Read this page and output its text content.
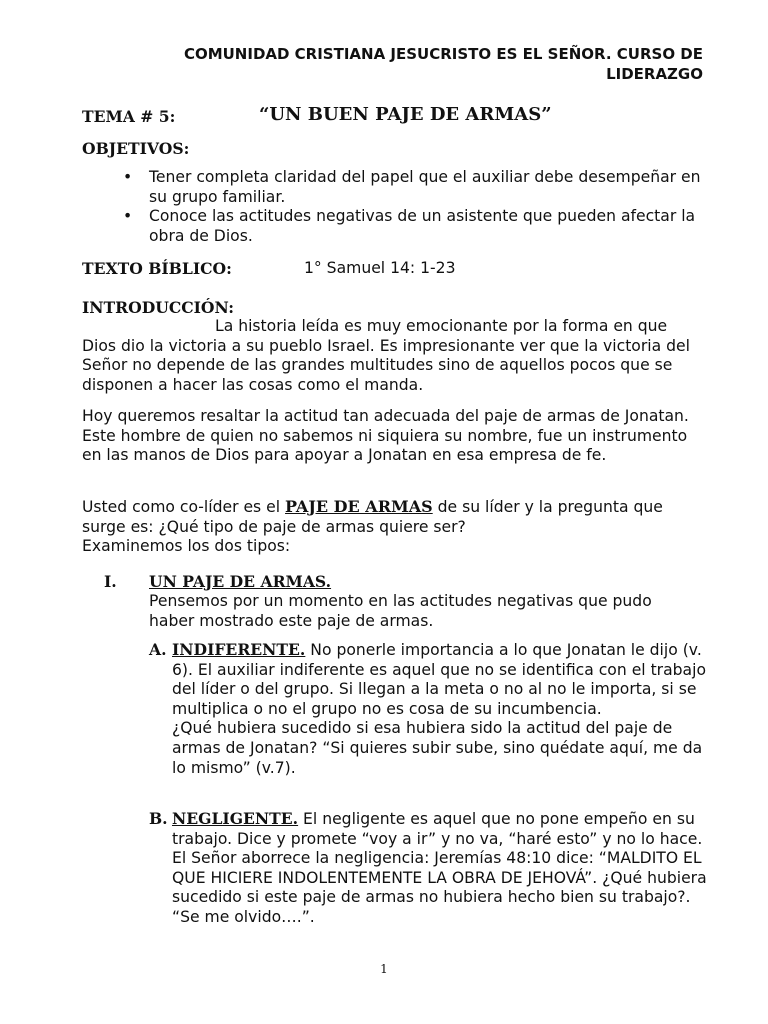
COMUNIDAD CRISTIANA JESUCRISTO ES EL SEÑOR. CURSO DE
LIDERAZGO
TEMA # 5:	“UN BUEN PAJE DE ARMAS”
OBJETIVOS:
• Tener completa claridad del papel que el auxiliar debe desempeñar en su grupo familiar.
• Conoce las actitudes negativas de un asistente que pueden afectar la obra de Dios.
TEXTO BÍBLICO:	1° Samuel 14: 1-23
INTRODUCCIÓN:
La historia leída es muy emocionante por la forma en que Dios dio la victoria a su pueblo Israel. Es impresionante ver que la victoria del Señor no depende de las grandes multitudes sino de aquellos pocos que se disponen a hacer las cosas como el manda.
Hoy queremos resaltar la actitud tan adecuada del paje de armas de Jonatan. Este hombre de quien no sabemos ni siquiera su nombre, fue un instrumento en las manos de Dios para apoyar a Jonatan en esa empresa de fe.
Usted como co-líder es el PAJE DE ARMAS de su líder y la pregunta que surge es: ¿Qué tipo de paje de armas quiere ser?
Examinemos los dos tipos:
I. UN PAJE DE ARMAS.
Pensemos por un momento en las actitudes negativas que pudo haber mostrado este paje de armas.
A. INDIFERENTE. No ponerle importancia a lo que Jonatan le dijo (v. 6). El auxiliar indiferente es aquel que no se identifica con el trabajo del líder o del grupo. Si llegan a la meta o no al no le importa, si se multiplica o no el grupo no es cosa de su incumbencia.
¿Qué hubiera sucedido si esa hubiera sido la actitud del paje de armas de Jonatan? “Si quieres subir sube, sino quédate aquí, me da lo mismo” (v.7).
B. NEGLIGENTE. El negligente es aquel que no pone empeño en su trabajo. Dice y promete “voy a ir” y no va, “haré esto” y no lo hace. El Señor aborrece la negligencia: Jeremías 48:10 dice: “MALDITO EL QUE HICIERE INDOLENTEMENTE LA OBRA DE JEHOVÁ”. ¿Qué hubiera sucedido si este paje de armas no hubiera hecho bien su trabajo?. “Se me olvido….”.
1
